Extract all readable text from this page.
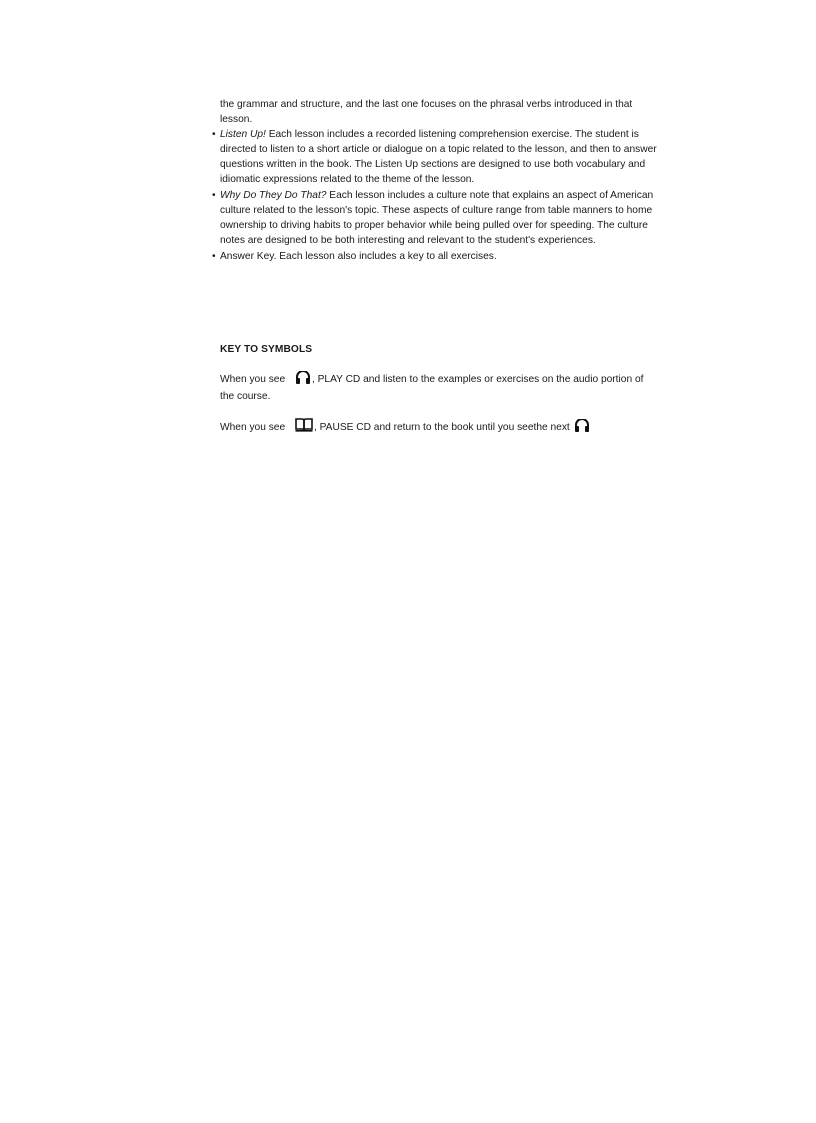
the grammar and structure, and the last one focuses on the phrasal verbs introduced in that lesson.
• Listen Up! Each lesson includes a recorded listening comprehension exercise. The student is directed to listen to a short article or dialogue on a topic related to the lesson, and then to answer questions written in the book. The Listen Up sections are designed to use both vocabulary and idiomatic expressions related to the theme of the lesson.
• Why Do They Do That? Each lesson includes a culture note that explains an aspect of American culture related to the lesson's topic. These aspects of culture range from table manners to home ownership to driving habits to proper behavior while being pulled over for speeding. The culture notes are designed to be both interesting and relevant to the student's experiences.
• Answer Key. Each lesson also includes a key to all exercises.
KEY TO SYMBOLS
When you see	, PLAY CD and listen to the examples or exercises on the audio portion of the course.
When you see	, PAUSE CD and return to the book until you seethe next
